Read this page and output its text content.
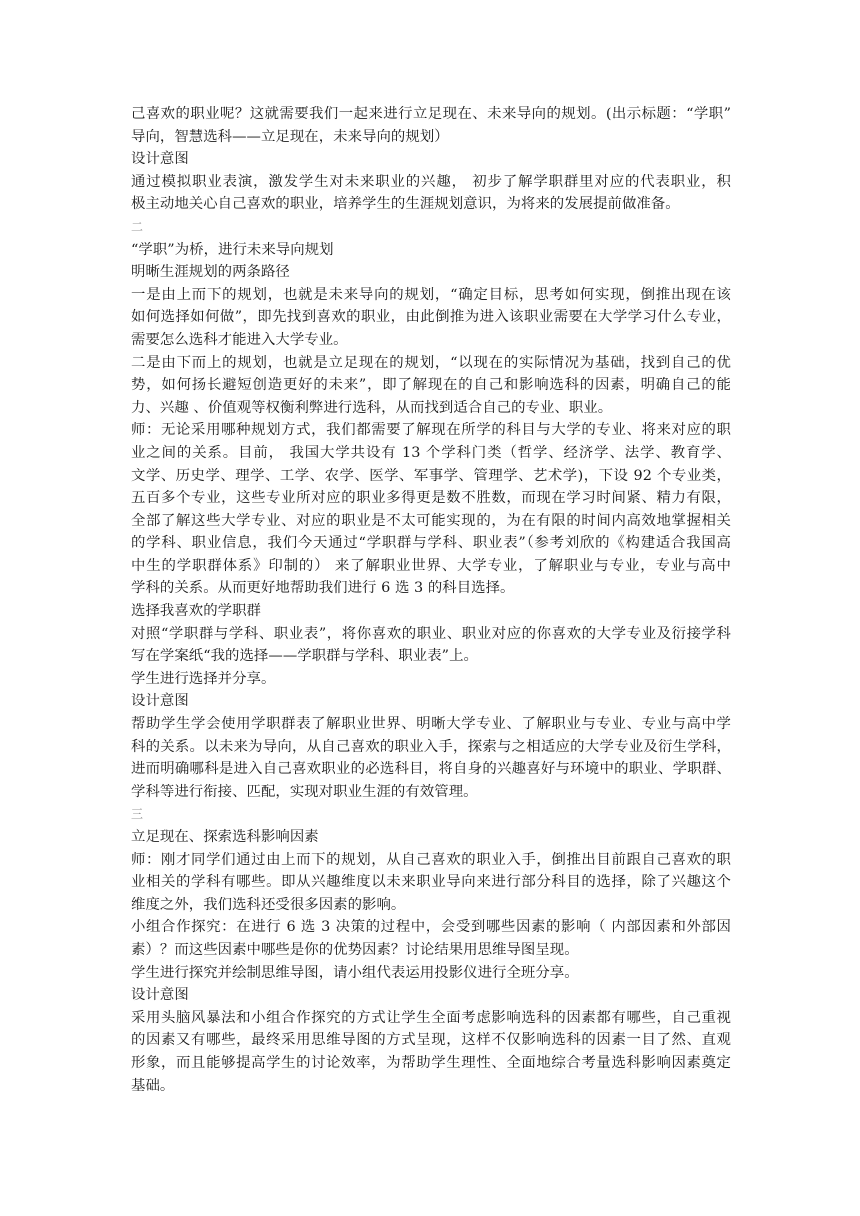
己喜欢的职业呢？这就需要我们一起来进行立足现在、未来导向的规划。(出示标题：“学职”

导向，智慧选科——立足现在，未来导向的规划）

设计意图

通过模拟职业表演，激发学生对未来职业的兴趣， 初步了解学职群里对应的代表职业，积

极主动地关心自己喜欢的职业，培养学生的生涯规划意识，为将来的发展提前做准备。

二

“学职”为桥，进行未来导向规划

明晰生涯规划的两条路径

一是由上而下的规划，也就是未来导向的规划，“确定目标，思考如何实现，倒推出现在该

如何选择如何做”，即先找到喜欢的职业，由此倒推为进入该职业需要在大学学习什么专业，

需要怎么选科才能进入大学专业。

二是由下而上的规划，也就是立足现在的规划，“以现在的实际情况为基础，找到自己的优

势，如何扬长避短创造更好的未来”，即了解现在的自己和影响选科的因素，明确自己的能

力、兴趣 、价值观等权衡利弊进行选科，从而找到适合自己的专业、职业。

师：无论采用哪种规划方式，我们都需要了解现在所学的科目与大学的专业、将来对应的职

业之间的关系。目前， 我国大学共设有 13 个学科门类（哲学、经济学、法学、教育学、

文学、历史学、理学、工学、农学、医学、军事学、管理学、艺术学)，下设 92 个专业类，

五百多个专业，这些专业所对应的职业多得更是数不胜数，而现在学习时间紧、精力有限，

全部了解这些大学专业、对应的职业是不太可能实现的，为在有限的时间内高效地掌握相关

的学科、职业信息，我们今天通过“学职群与学科、职业表”（参考刘欣的《构建适合我国高

中生的学职群体系》印制的） 来了解职业世界、大学专业，了解职业与专业，专业与高中

学科的关系。从而更好地帮助我们进行 6 选 3 的科目选择。

选择我喜欢的学职群

对照“学职群与学科、职业表”，将你喜欢的职业、职业对应的你喜欢的大学专业及衍接学科

写在学案纸“我的选择——学职群与学科、职业表”上。

学生进行选择并分享。

设计意图

帮助学生学会使用学职群表了解职业世界、明晰大学专业、了解职业与专业、专业与高中学

科的关系。以未来为导向，从自己喜欢的职业入手，探索与之相适应的大学专业及衍生学科，

进而明确哪科是进入自己喜欢职业的必选科目，将自身的兴趣喜好与环境中的职业、学职群、

学科等进行衔接、匹配，实现对职业生涯的有效管理。

三

立足现在、探索选科影响因素

师：刚才同学们通过由上而下的规划，从自己喜欢的职业入手，倒推出目前跟自己喜欢的职

业相关的学科有哪些。即从兴趣维度以未来职业导向来进行部分科目的选择，除了兴趣这个

维度之外，我们选科还受很多因素的影响。

小组合作探究：在进行 6 选 3 决策的过程中，会受到哪些因素的影响（ 内部因素和外部因

素）？而这些因素中哪些是你的优势因素？讨论结果用思维导图呈现。

学生进行探究并绘制思维导图，请小组代表运用投影仪进行全班分享。

设计意图

采用头脑风暴法和小组合作探究的方式让学生全面考虑影响选科的因素都有哪些，自己重视

的因素又有哪些，最终采用思维导图的方式呈现，这样不仅影响选科的因素一目了然、直观

形象，而且能够提高学生的讨论效率，为帮助学生理性、全面地综合考量选科影响因素奠定

基础。
